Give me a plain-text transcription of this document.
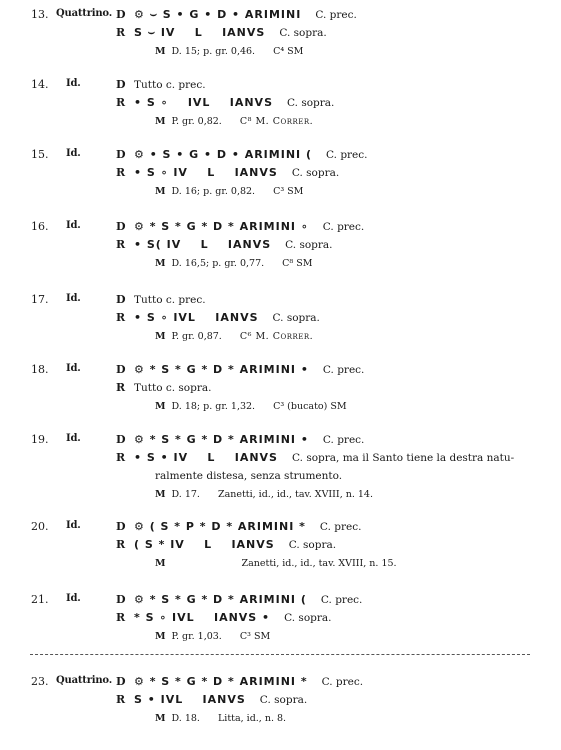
13. Quattrino. D ⚙ ⌣ S • G • D • ARIMINI C. prec.
R S ⌣ IV    L    IANVS C. sopra.
M D. 15; p. gr. 0,46. C⁴ SM
14. Id.	D Tutto c. prec.
R • S ∘    IVL    IANVS C. sopra.
M P. gr. 0,82. C⁸ M. Correr.
15. Id.	D ⚙ • S • G • D • ARIMINI ( C. prec.
R • S ∘ IV    L    IANVS C. sopra.
M D. 16; p. gr. 0,82. C³ SM
16. Id.	D ⚙ * S * G * D * ARIMINI ∘ C. prec.
R • S( IV    L    IANVS C. sopra.
M D. 16,5; p. gr. 0,77. C⁸ SM
17. Id.	D Tutto c. prec.
R • S ∘ IVL    IANVS C. sopra.
M P. gr. 0,87. C⁶ M. Correr.
18. Id.	D ⚙ * S * G * D * ARIMINI • C. prec.
R Tutto c. sopra.
M D. 18; p. gr. 1,32. C³ (bucato) SM
19. Id.	D ⚙ * S * G * D * ARIMINI • C. prec.
R • S • IV    L    IANVS C. sopra, ma il Santo tiene la destra natu-
ralmente distesa, senza strumento.
M D. 17. Zanetti, id., id., tav. XVIII, n. 14.
20. Id.	D ⚙ ( S * P * D * ARIMINI * C. prec.
R ( S * IV    L    IANVS C. sopra.
M	Zanetti, id., id., tav. XVIII, n. 15.
21. Id.	D ⚙ * S * G * D * ARIMINI ( C. prec.
R * S ∘ IVL    IANVS • C. sopra.
M P. gr. 1,03. C³ SM
23. Quattrino. D ⚙ * S * G * D * ARIMINI * C. prec.
R S • IVL    IANVS C. sopra.
M D. 18. Litta, id., n. 8.
